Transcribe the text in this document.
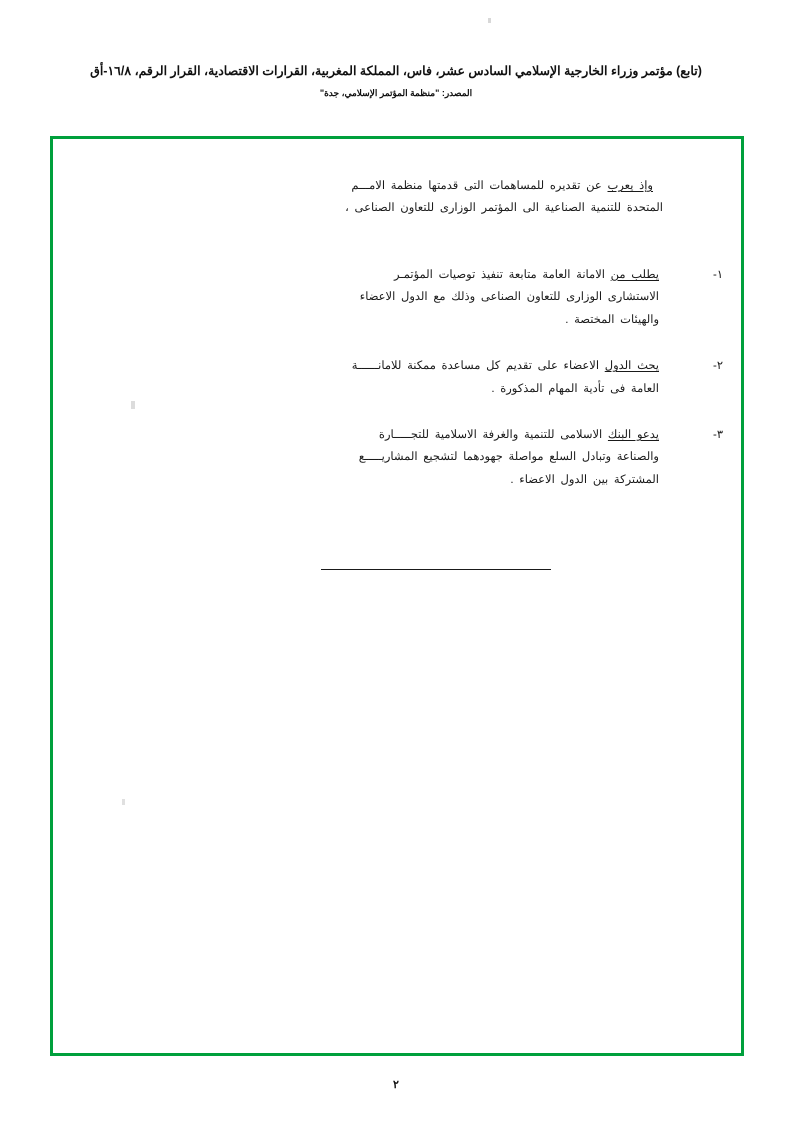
(تابع) مؤتمر وزراء الخارجية الإسلامي السادس عشر، فاس، المملكة المغربية، القرارات الاقتصادية، القرار الرقم، ١٦/٨-أق
المصدر: "منظمة المؤتمر الإسلامي، جدة"
وإذ يعرب عن تقديره للمساهمات التى قدمتها منظمة الامـــم
المتحدة للتنمية الصناعية الى المؤتمر الوزارى للتعاون الصناعى ،
١-
يطلب من الامانة العامة متابعة تنفيذ توصيات المؤتمـر
الاستشارى الوزارى للتعاون الصناعى وذلك مع الدول الاعضاء
والهيئات المختصة .
٢-
يحث الدول الاعضاء على تقديم كل مساعدة ممكنة للامانــــــة
العامة فى تأدية المهام المذكورة .
٣-
يدعو البنك الاسلامى للتنمية والغرفة الاسلامية للتجـــــارة
والصناعة وتبادل السلع مواصلة جهودهما لتشجيع المشاريـــــع
المشتركة بين الدول الاعضاء .
٢
